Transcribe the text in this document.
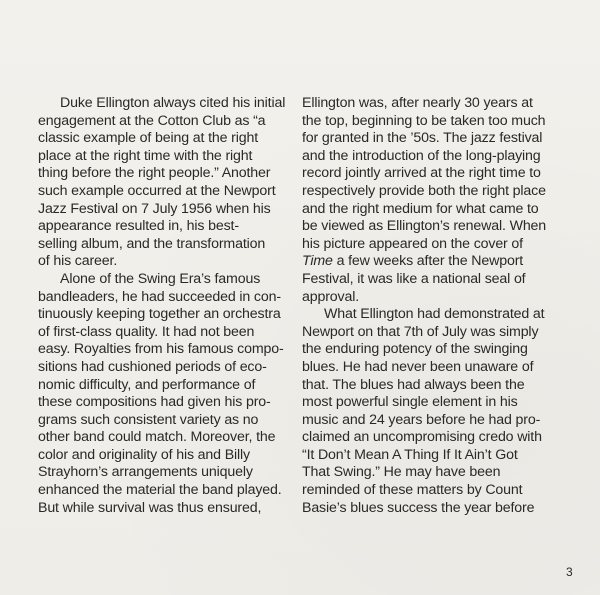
Duke Ellington always cited his initial
engagement at the Cotton Club as “a
classic example of being at the right
place at the right time with the right
thing before the right people.” Another
such example occurred at the Newport
Jazz Festival on 7 July 1956 when his
appearance resulted in, his best-
selling album, and the transformation
of his career.

Alone of the Swing Era’s famous
bandleaders, he had succeeded in con-
tinuously keeping together an orchestra
of first-class quality. It had not been
easy. Royalties from his famous compo-
sitions had cushioned periods of eco-
nomic difficulty, and performance of
these compositions had given his pro-
grams such consistent variety as no
other band could match. Moreover, the
color and originality of his and Billy
Strayhorn’s arrangements uniquely
enhanced the material the band played.
But while survival was thus ensured,

Ellington was, after nearly 30 years at
the top, beginning to be taken too much
for granted in the ’50s. The jazz festival
and the introduction of the long-playing
record jointly arrived at the right time to
respectively provide both the right place
and the right medium for what came to
be viewed as Ellington’s renewal. When
his picture appeared on the cover of
Time a few weeks after the Newport
Festival, it was like a national seal of
approval.

What Ellington had demonstrated at
Newport on that 7th of July was simply
the enduring potency of the swinging
blues. He had never been unaware of
that. The blues had always been the
most powerful single element in his
music and 24 years before he had pro-
claimed an uncompromising credo with
“It Don’t Mean A Thing If It Ain’t Got
That Swing.” He may have been
reminded of these matters by Count
Basie’s blues success the year before

3
